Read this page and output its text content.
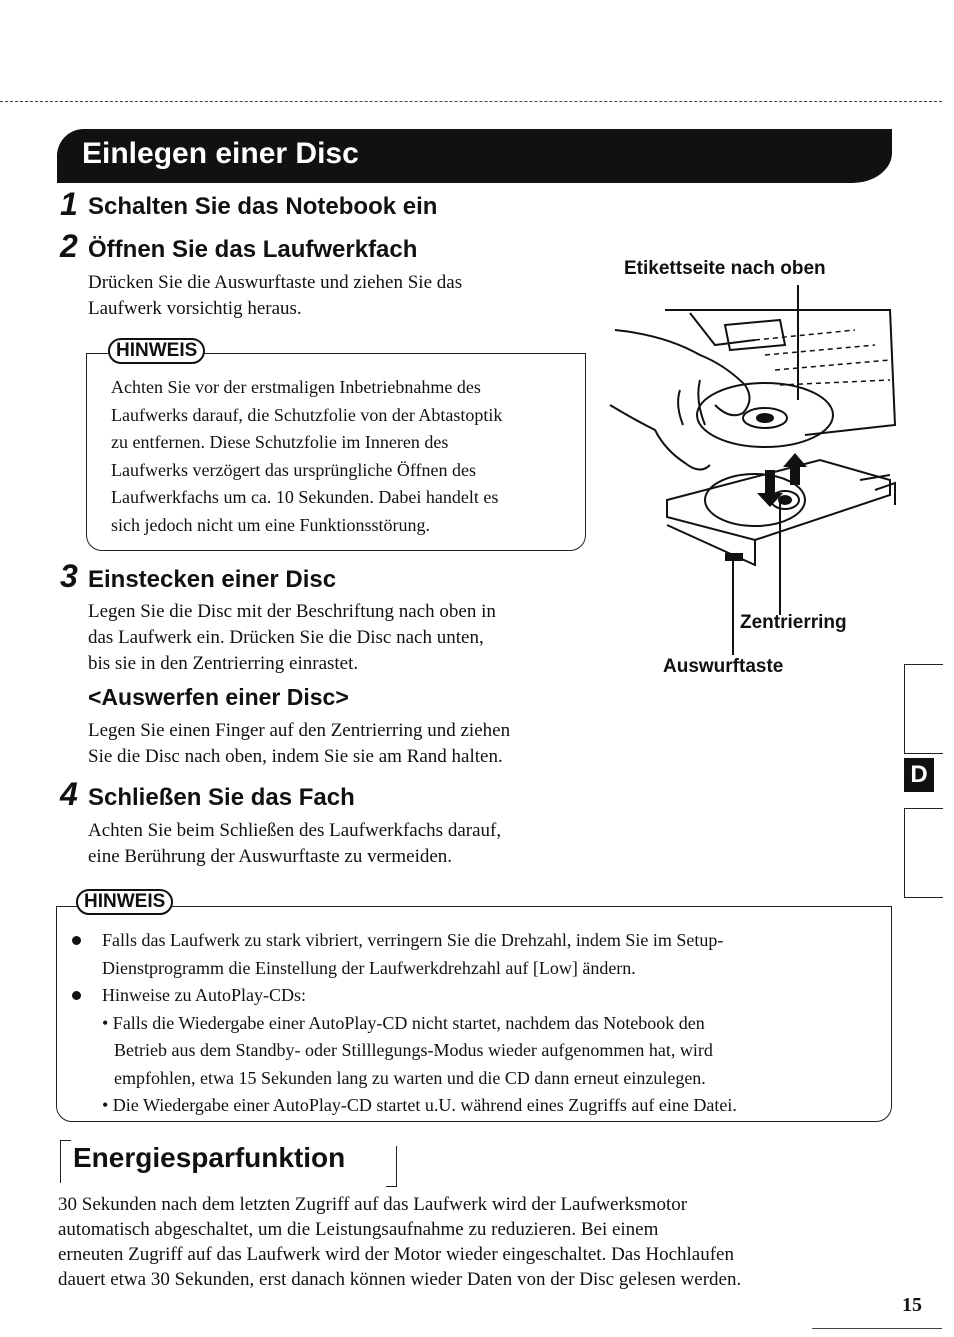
Einlegen einer Disc
1 Schalten Sie das Notebook ein
2 Öffnen Sie das Laufwerkfach
Drücken Sie die Auswurftaste und ziehen Sie das
Laufwerk vorsichtig heraus.
Achten Sie vor der erstmaligen Inbetriebnahme des
Laufwerks darauf, die Schutzfolie von der Abtastoptik
zu entfernen. Diese Schutzfolie im Inneren des
Laufwerks verzögert das ursprüngliche Öffnen des
Laufwerkfachs um ca. 10 Sekunden. Dabei handelt es
sich jedoch nicht um eine Funktionsstörung.
HINWEIS
3 Einstecken einer Disc
Legen Sie die Disc mit der Beschriftung nach oben in
das Laufwerk ein. Drücken Sie die Disc nach unten,
bis sie in den Zentrierring einrastet.
<Auswerfen einer Disc>
Legen Sie einen Finger auf den Zentrierring und ziehen
Sie die Disc nach oben, indem Sie sie am Rand halten.
4 Schließen Sie das Fach
Achten Sie beim Schließen des Laufwerkfachs darauf,
eine Berührung der Auswurftaste zu vermeiden.
Etikettseite nach oben
Zentrierring
Auswurftaste
D
Falls das Laufwerk zu stark vibriert, verringern Sie die Drehzahl, indem Sie im Setup-
Dienstprogramm die Einstellung der Laufwerkdrehzahl auf [Low] ändern.
Hinweise zu AutoPlay-CDs:
• Falls die Wiedergabe einer AutoPlay-CD nicht startet, nachdem das Notebook den
Betrieb aus dem Standby- oder Stilllegungs-Modus wieder aufgenommen hat, wird
empfohlen, etwa 15 Sekunden lang zu warten und die CD dann erneut einzulegen.
• Die Wiedergabe einer AutoPlay-CD startet u.U. während eines Zugriffs auf eine Datei.
HINWEIS
Energiesparfunktion
30 Sekunden nach dem letzten Zugriff auf das Laufwerk wird der Laufwerksmotor
automatisch abgeschaltet, um die Leistungsaufnahme zu reduzieren. Bei einem
erneuten Zugriff auf das Laufwerk wird der Motor wieder eingeschaltet. Das Hochlaufen
dauert etwa 30 Sekunden, erst danach können wieder Daten von der Disc gelesen werden.
15
